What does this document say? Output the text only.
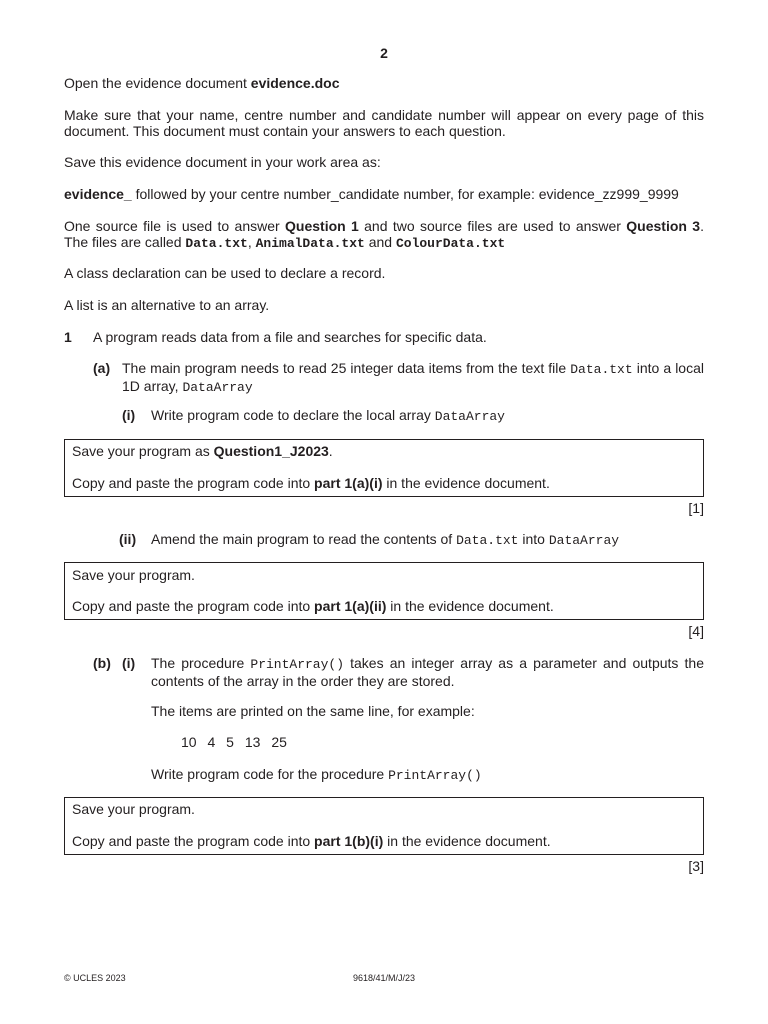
2
Open the evidence document evidence.doc
Make sure that your name, centre number and candidate number will appear on every page of this document. This document must contain your answers to each question.
Save this evidence document in your work area as:
evidence_ followed by your centre number_candidate number, for example: evidence_zz999_9999
One source file is used to answer Question 1 and two source files are used to answer Question 3. The files are called Data.txt, AnimalData.txt and ColourData.txt
A class declaration can be used to declare a record.
A list is an alternative to an array.
1 A program reads data from a file and searches for specific data.
(a) The main program needs to read 25 integer data items from the text file Data.txt into a local 1D array, DataArray
(i) Write program code to declare the local array DataArray

Save your program as Question1_J2023.

Copy and paste the program code into part 1(a)(i) in the evidence document.

[1]
(ii) Amend the main program to read the contents of Data.txt into DataArray

Save your program.

Copy and paste the program code into part 1(a)(ii) in the evidence document.

[4]
(b) (i) The procedure PrintArray() takes an integer array as a parameter and outputs the contents of the array in the order they are stored.
The items are printed on the same line, for example:
10 4 5 13 25
Write program code for the procedure PrintArray()

Save your program.

Copy and paste the program code into part 1(b)(i) in the evidence document.

[3]
© UCLES 2023	9618/41/M/J/23
